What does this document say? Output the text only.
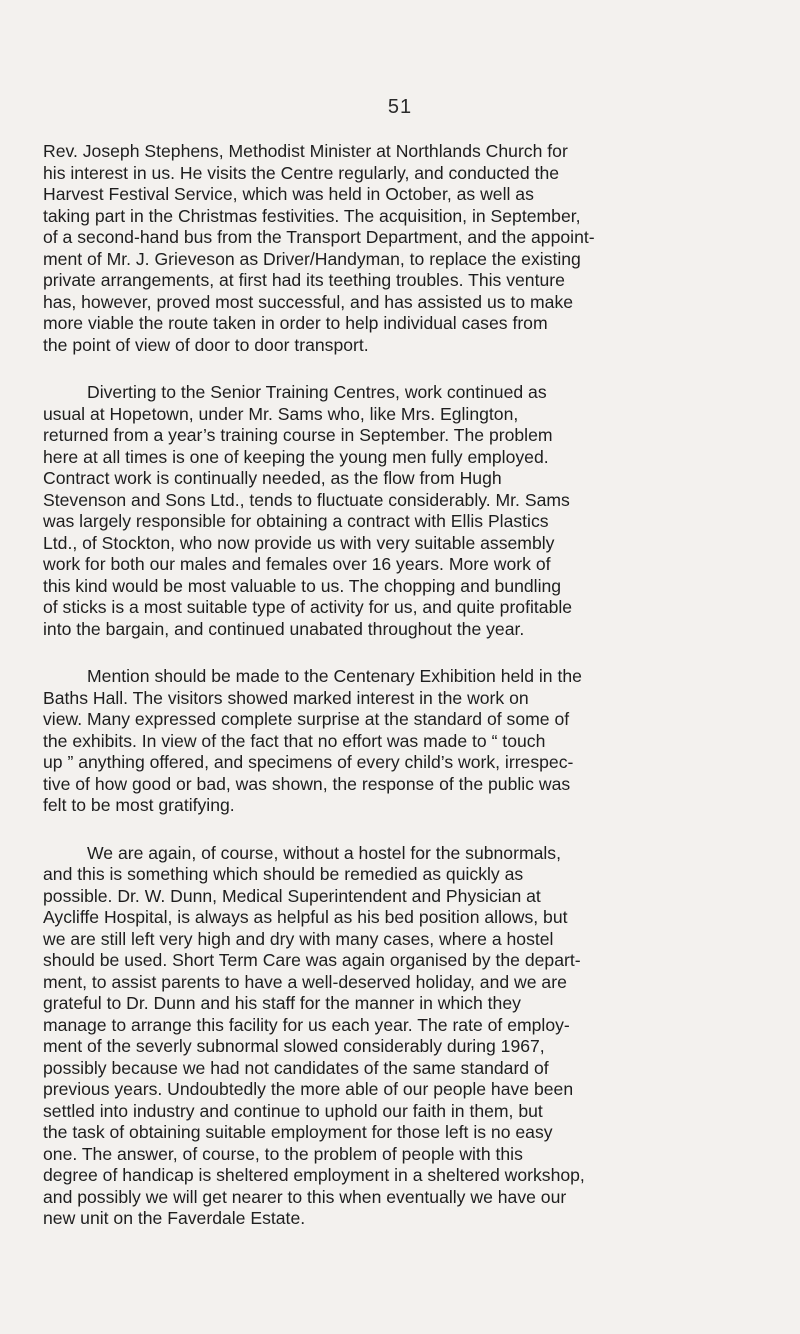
51

Rev. Joseph Stephens, Methodist Minister at Northlands Church for
his interest in us. He visits the Centre regularly, and conducted the
Harvest Festival Service, which was held in October, as well as
taking part in the Christmas festivities. The acquisition, in September,
of a second-hand bus from the Transport Department, and the appoint-
ment of Mr. J. Grieveson as Driver/Handyman, to replace the existing
private arrangements, at first had its teething troubles. This venture
has, however, proved most successful, and has assisted us to make
more viable the route taken in order to help individual cases from
the point of view of door to door transport.

Diverting to the Senior Training Centres, work continued as
usual at Hopetown, under Mr. Sams who, like Mrs. Eglington,
returned from a year’s training course in September. The problem
here at all times is one of keeping the young men fully employed.
Contract work is continually needed, as the flow from Hugh
Stevenson and Sons Ltd., tends to fluctuate considerably. Mr. Sams
was largely responsible for obtaining a contract with Ellis Plastics
Ltd., of Stockton, who now provide us with very suitable assembly
work for both our males and females over 16 years. More work of
this kind would be most valuable to us. The chopping and bundling
of sticks is a most suitable type of activity for us, and quite profitable
into the bargain, and continued unabated throughout the year.

Mention should be made to the Centenary Exhibition held in the
Baths Hall. The visitors showed marked interest in the work on
view. Many expressed complete surprise at the standard of some of
the exhibits. In view of the fact that no effort was made to “ touch
up ” anything offered, and specimens of every child’s work, irrespec-
tive of how good or bad, was shown, the response of the public was
felt to be most gratifying.

We are again, of course, without a hostel for the subnormals,
and this is something which should be remedied as quickly as
possible. Dr. W. Dunn, Medical Superintendent and Physician at
Aycliffe Hospital, is always as helpful as his bed position allows, but
we are still left very high and dry with many cases, where a hostel
should be used. Short Term Care was again organised by the depart-
ment, to assist parents to have a well-deserved holiday, and we are
grateful to Dr. Dunn and his staff for the manner in which they
manage to arrange this facility for us each year. The rate of employ-
ment of the severly subnormal slowed considerably during 1967,
possibly because we had not candidates of the same standard of
previous years. Undoubtedly the more able of our people have been
settled into industry and continue to uphold our faith in them, but
the task of obtaining suitable employment for those left is no easy
one. The answer, of course, to the problem of people with this
degree of handicap is sheltered employment in a sheltered workshop,
and possibly we will get nearer to this when eventually we have our
new unit on the Faverdale Estate.
